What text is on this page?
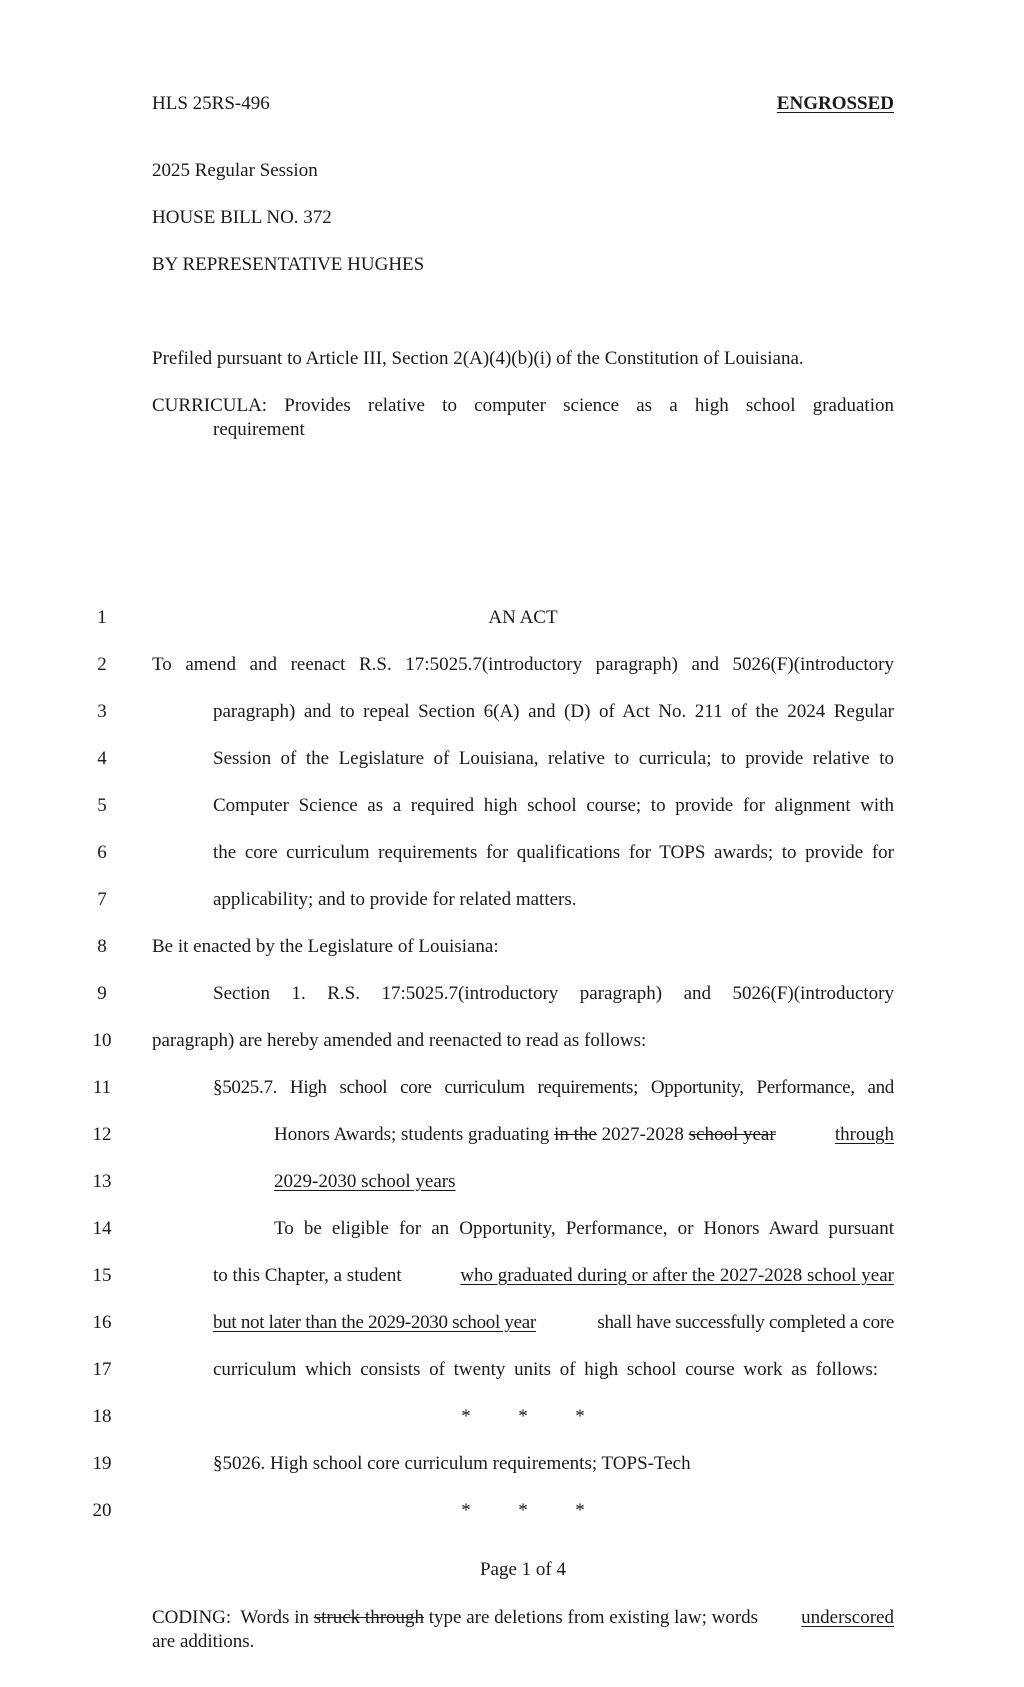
HLS 25RS-496	ENGROSSED
2025 Regular Session
HOUSE BILL NO. 372
BY REPRESENTATIVE HUGHES
Prefiled pursuant to Article III, Section 2(A)(4)(b)(i) of the Constitution of Louisiana.
CURRICULA: Provides relative to computer science as a high school graduation
requirement
1	AN ACT
2	To amend and reenact R.S. 17:5025.7(introductory paragraph) and 5026(F)(introductory
3	paragraph) and to repeal Section 6(A) and (D) of Act No. 211 of the 2024 Regular
4	Session of the Legislature of Louisiana, relative to curricula; to provide relative to
5	Computer Science as a required high school course; to provide for alignment with
6	the core curriculum requirements for qualifications for TOPS awards; to provide for
7	applicability; and to provide for related matters.
8	Be it enacted by the Legislature of Louisiana:
9	Section 1. R.S. 17:5025.7(introductory paragraph) and 5026(F)(introductory
10	paragraph) are hereby amended and reenacted to read as follows:
11	§5025.7. High school core curriculum requirements; Opportunity, Performance, and
12	Honors Awards; students graduating in the 2027-2028 school year	through
13	2029-2030 school years
14	To be eligible for an Opportunity, Performance, or Honors Award pursuant
15	to this Chapter, a student	who graduated during or after the 2027-2028 school year
16	but not later than the 2029-2030 school year	shall have successfully completed a core
17	curriculum which consists of twenty units of high school course work as follows:
18	*          *          *
19	§5026. High school core curriculum requirements; TOPS-Tech
20	*          *          *
Page 1 of 4
CODING:  Words in struck through type are deletions from existing law; words underscored
are additions.
